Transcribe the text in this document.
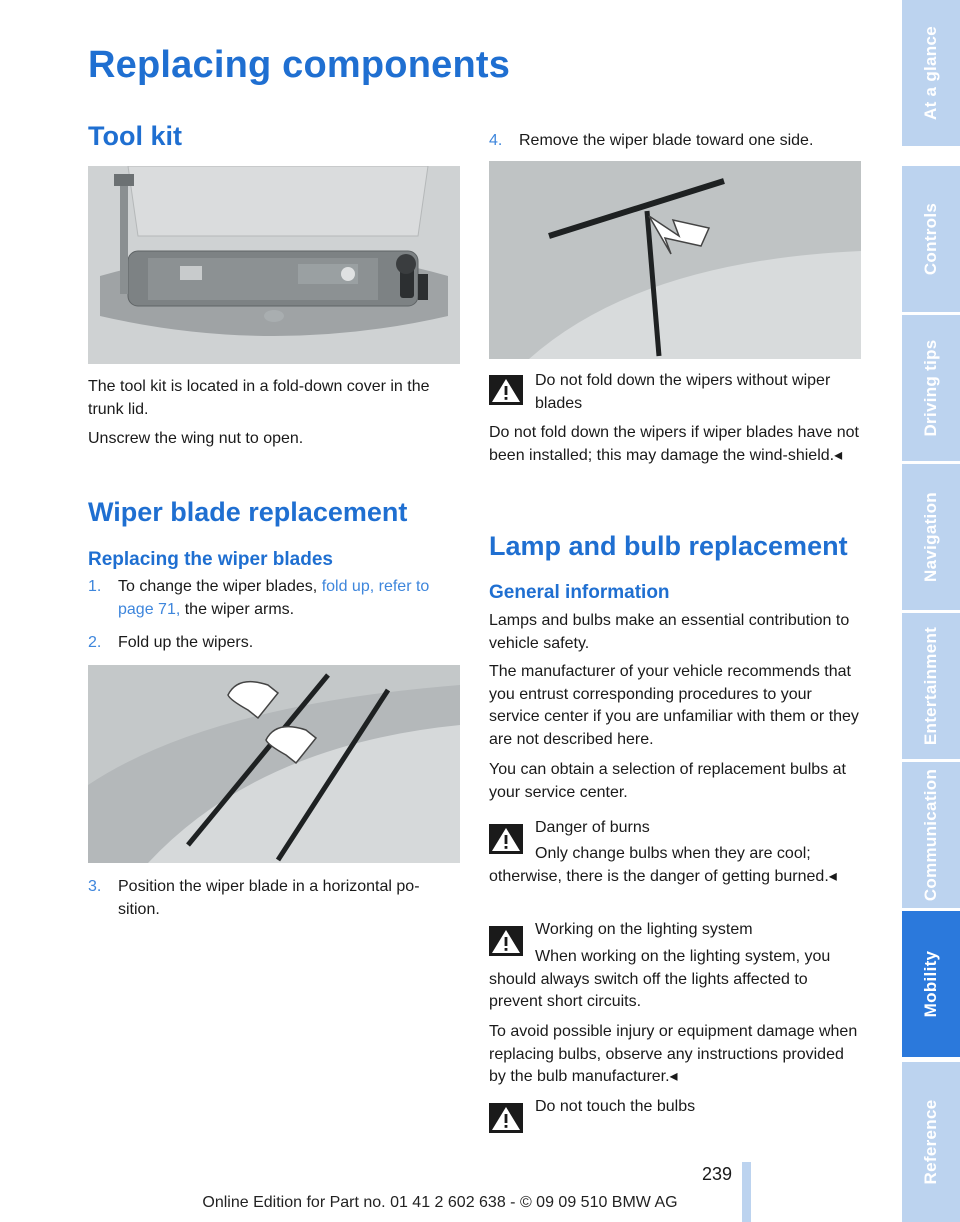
Replacing components
Tool kit

The tool kit is located in a fold-down cover in the trunk lid.

Unscrew the wing nut to open.

Wiper blade replacement
Replacing the wiper blades
1. To change the wiper blades, fold up, refer to page 71, the wiper arms.
2. Fold up the wipers.
3. Position the wiper blade in a horizontal po-sition.
4. Remove the wiper blade toward one side.

Do not fold down the wipers without wiper blades

Do not fold down the wipers if wiper blades have not been installed; this may damage the wind-shield.◂

Lamp and bulb replacement
General information

Lamps and bulbs make an essential contribution to vehicle safety.

The manufacturer of your vehicle recommends that you entrust corresponding procedures to your service center if you are unfamiliar with them or they are not described here.

You can obtain a selection of replacement bulbs at your service center.

Danger of burns

Only change bulbs when they are cool; otherwise, there is the danger of getting burned.◂

Working on the lighting system

When working on the lighting system, you should always switch off the lights affected to prevent short circuits.

To avoid possible injury or equipment damage when replacing bulbs, observe any instructions provided by the bulb manufacturer.◂

Do not touch the bulbs

At a glance
Controls
Driving tips
Navigation
Entertainment
Communication
Mobility
Reference
239
Online Edition for Part no. 01 41 2 602 638 - © 09 09 510 BMW AG
